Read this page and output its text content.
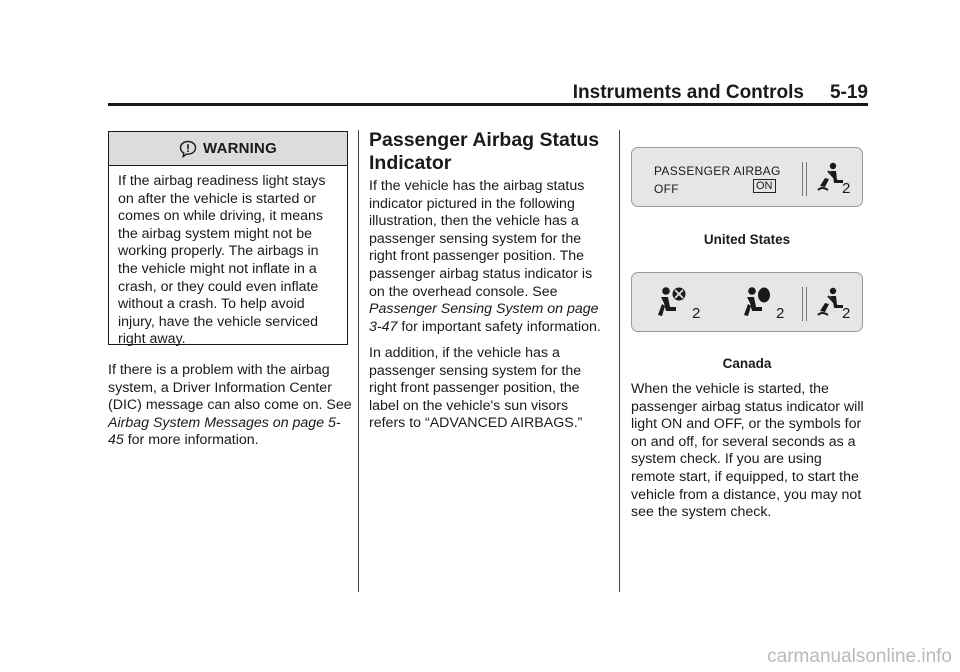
Instruments and Controls 5-19
WARNING
If the airbag readiness light stays on after the vehicle is started or comes on while driving, it means the airbag system might not be working properly. The airbags in the vehicle might not inflate in a crash, or they could even inflate without a crash. To help avoid injury, have the vehicle serviced right away.
If there is a problem with the airbag system, a Driver Information Center (DIC) message can also come on. See Airbag System Messages on page 5-45 for more information.
Passenger Airbag Status Indicator
If the vehicle has the airbag status indicator pictured in the following illustration, then the vehicle has a passenger sensing system for the right front passenger position. The passenger airbag status indicator is on the overhead console. See Passenger Sensing System on page 3-47 for important safety information.
In addition, if the vehicle has a passenger sensing system for the right front passenger position, the label on the vehicle's sun visors refers to “ADVANCED AIRBAGS.”
PASSENGER AIRBAG
OFF	ON	2
United States
2	2	2
Canada
When the vehicle is started, the passenger airbag status indicator will light ON and OFF, or the symbols for on and off, for several seconds as a system check. If you are using remote start, if equipped, to start the vehicle from a distance, you may not see the system check.
carmanualsonline.info
